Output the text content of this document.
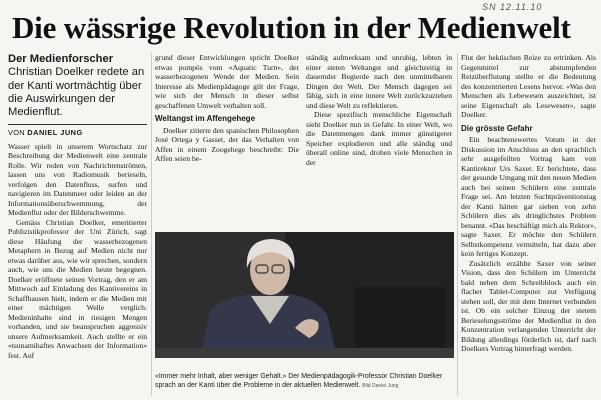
SN 12.11.10
Die wässrige Revolution in der Medienwelt
Der Medienforscher Christian Doelker redete an der Kanti wortmächtig über die Auswirkungen der Medienflut.
VON DANIEL JUNG

Wasser spielt in unserem Wortschatz zur Beschreibung der Medienwelt eine zentrale Rolle. Wir reden von Nachrichtenströmen, lassen uns von Radiomusik berieseln, verfolgen den Datenfluss, surfen und navigieren im Datenmeer oder leiden an der Informationsüberschwemmung, der Medienflut oder der Bilderschwemme.

Gemäss Christian Doelker, emeritierter Publizistikprofessor der Uni Zürich, sagt diese Häufung der wasserbezogenen Metaphern in Bezug auf Medien nicht nur etwas darüber aus, wie wir sprechen, sondern auch, wie uns die Medien heute begegnen. Doelker eröffnete seinen Vortrag, den er am Mittwoch auf Einladung des Kantivereins in Schaffhausen hielt, indem er die Medien mit einer mächtigen Welle verglich: Medieninhalte sind in riesigen Mengen vorhanden, und sie beanspruchen aggressiv unsere Aufmerksamkeit. Auch stellte er ein «tsunamihaftes Anwachsen der Information» fest. Auf

grund dieser Entwicklungen spricht Doelker etwas pompös vom «Aquatic Turn», der wasserbezogenen Wende der Medien. Sein Interesse als Medienpädagoge gilt der Frage, wie sich der Mensch in dieser selbst geschaffenen Umwelt verhalten soll.

Weltangst im Affengehege

Doelker zitierte den spanischen Philosophen José Ortega y Gasset, der das Verhalten von Affen in einem Zoogehege beschreibt: Die Affen seien be-

ständig aufmerksam und unruhig, lebten in einer steten Weltangst und gleichzeitig in dauernder Begierde nach den unmittelbaren Dingen der Welt. Der Mensch dagegen sei fähig, sich in eine innere Welt zurückzuziehen und diese Welt zu reflektieren.

Diese spezifisch menschliche Eigenschaft sieht Doelker nun in Gefahr. In einer Welt, wo die Datenmengen dank immer günstigerer Speicher explodieren und alle ständig und überall online sind, drohen viele Menschen in der

Flut der hektischen Reize zu ertrinken. Als Gegenmittel zur abstumpfenden Reizüberflutung stellte er die Bedeutung des konzentrierten Lesens hervor. «Was den Menschen als Lebewesen auszeichnet, ist seine Eigenschaft als Lesewesen», sagte Doelker.

Die grösste Gefahr

Ein beachtenswertes Votum in der Diskussion im Anschluss an den sprachlich sehr ausgefeilten Vortrag kam von Kantirektor Urs Saxer. Er berichtete, dass der gesunde Umgang mit den neuen Medien auch bei seinen Schülern eine zentrale Frage sei. Am letzten Suchtpräventionstag der Kanti hätten gar sieben von zehn Schülern dies als dringlichstes Problem benannt. «Das beschäftigt mich als Rektor», sagte Saxer. Er möchte den Schülern Selbstkompetenz vermitteln, hat dazu aber kein fertiges Konzept.

Zusätzlich erzählte Saxer von seiner Vision, dass den Schülern im Unterricht bald neben dem Schreibblock auch ein flacher Tablet-Computer zur Verfügung stehen soll, der mit dem Internet verbunden ist. Ob ein solcher Einzug der stetem Berieselungsströme der Medienflut in den Konzentration verlangenden Unterricht der Bildung allerdings förderlich ist, darf nach Doelkers Vortrag hinterfragt werden.

«Immer mehr Inhalt, aber weniger Gehalt.» Der Medienpädagogik-Professor Christian Doelker sprach an der Kanti über die Probleme in der aktuellen Medienwelt. Bild Daniel Jung
